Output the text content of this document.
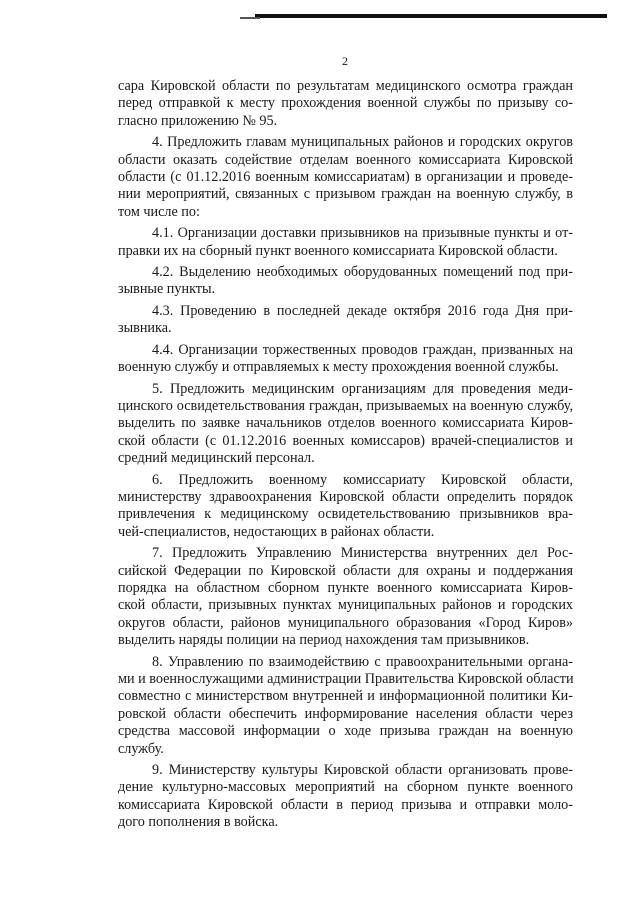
2
сара Кировской области по результатам медицинского осмотра граждан
перед отправкой к месту прохождения военной службы по призыву со-
гласно приложению № 95.
4. Предложить главам муниципальных районов и городских округов
области оказать содействие отделам военного комиссариата Кировской
области (с 01.12.2016 военным комиссариатам) в организации и проведе-
нии мероприятий, связанных с призывом граждан на военную службу, в
том числе по:
4.1. Организации доставки призывников на призывные пункты и от-
правки их на сборный пункт военного комиссариата Кировской области.
4.2. Выделению необходимых оборудованных помещений под при-
зывные пункты.
4.3. Проведению в последней декаде октября 2016 года Дня при-
зывника.
4.4. Организации торжественных проводов граждан, призванных на
военную службу и отправляемых к месту прохождения военной службы.
5. Предложить медицинским организациям для проведения меди-
цинского освидетельствования граждан, призываемых на военную службу,
выделить по заявке начальников отделов военного комиссариата Киров-
ской области (с 01.12.2016 военных комиссаров) врачей-специалистов и
средний медицинский персонал.
6. Предложить военному комиссариату Кировской области,
министерству здравоохранения Кировской области определить порядок
привлечения к медицинскому освидетельствованию призывников вра-
чей-специалистов, недостающих в районах области.
7. Предложить Управлению Министерства внутренних дел Рос-
сийской Федерации по Кировской области для охраны и поддержания
порядка на областном сборном пункте военного комиссариата Киров-
ской области, призывных пунктах муниципальных районов и городских
округов области, районов муниципального образования «Город Киров»
выделить наряды полиции на период нахождения там призывников.
8. Управлению по взаимодействию с правоохранительными органа-
ми и военнослужащими администрации Правительства Кировской области
совместно с министерством внутренней и информационной политики Ки-
ровской области обеспечить информирование населения области через
средства массовой информации о ходе призыва граждан на военную
службу.
9. Министерству культуры Кировской области организовать прове-
дение культурно-массовых мероприятий на сборном пункте военного
комиссариата Кировской области в период призыва и отправки моло-
дого пополнения в войска.
